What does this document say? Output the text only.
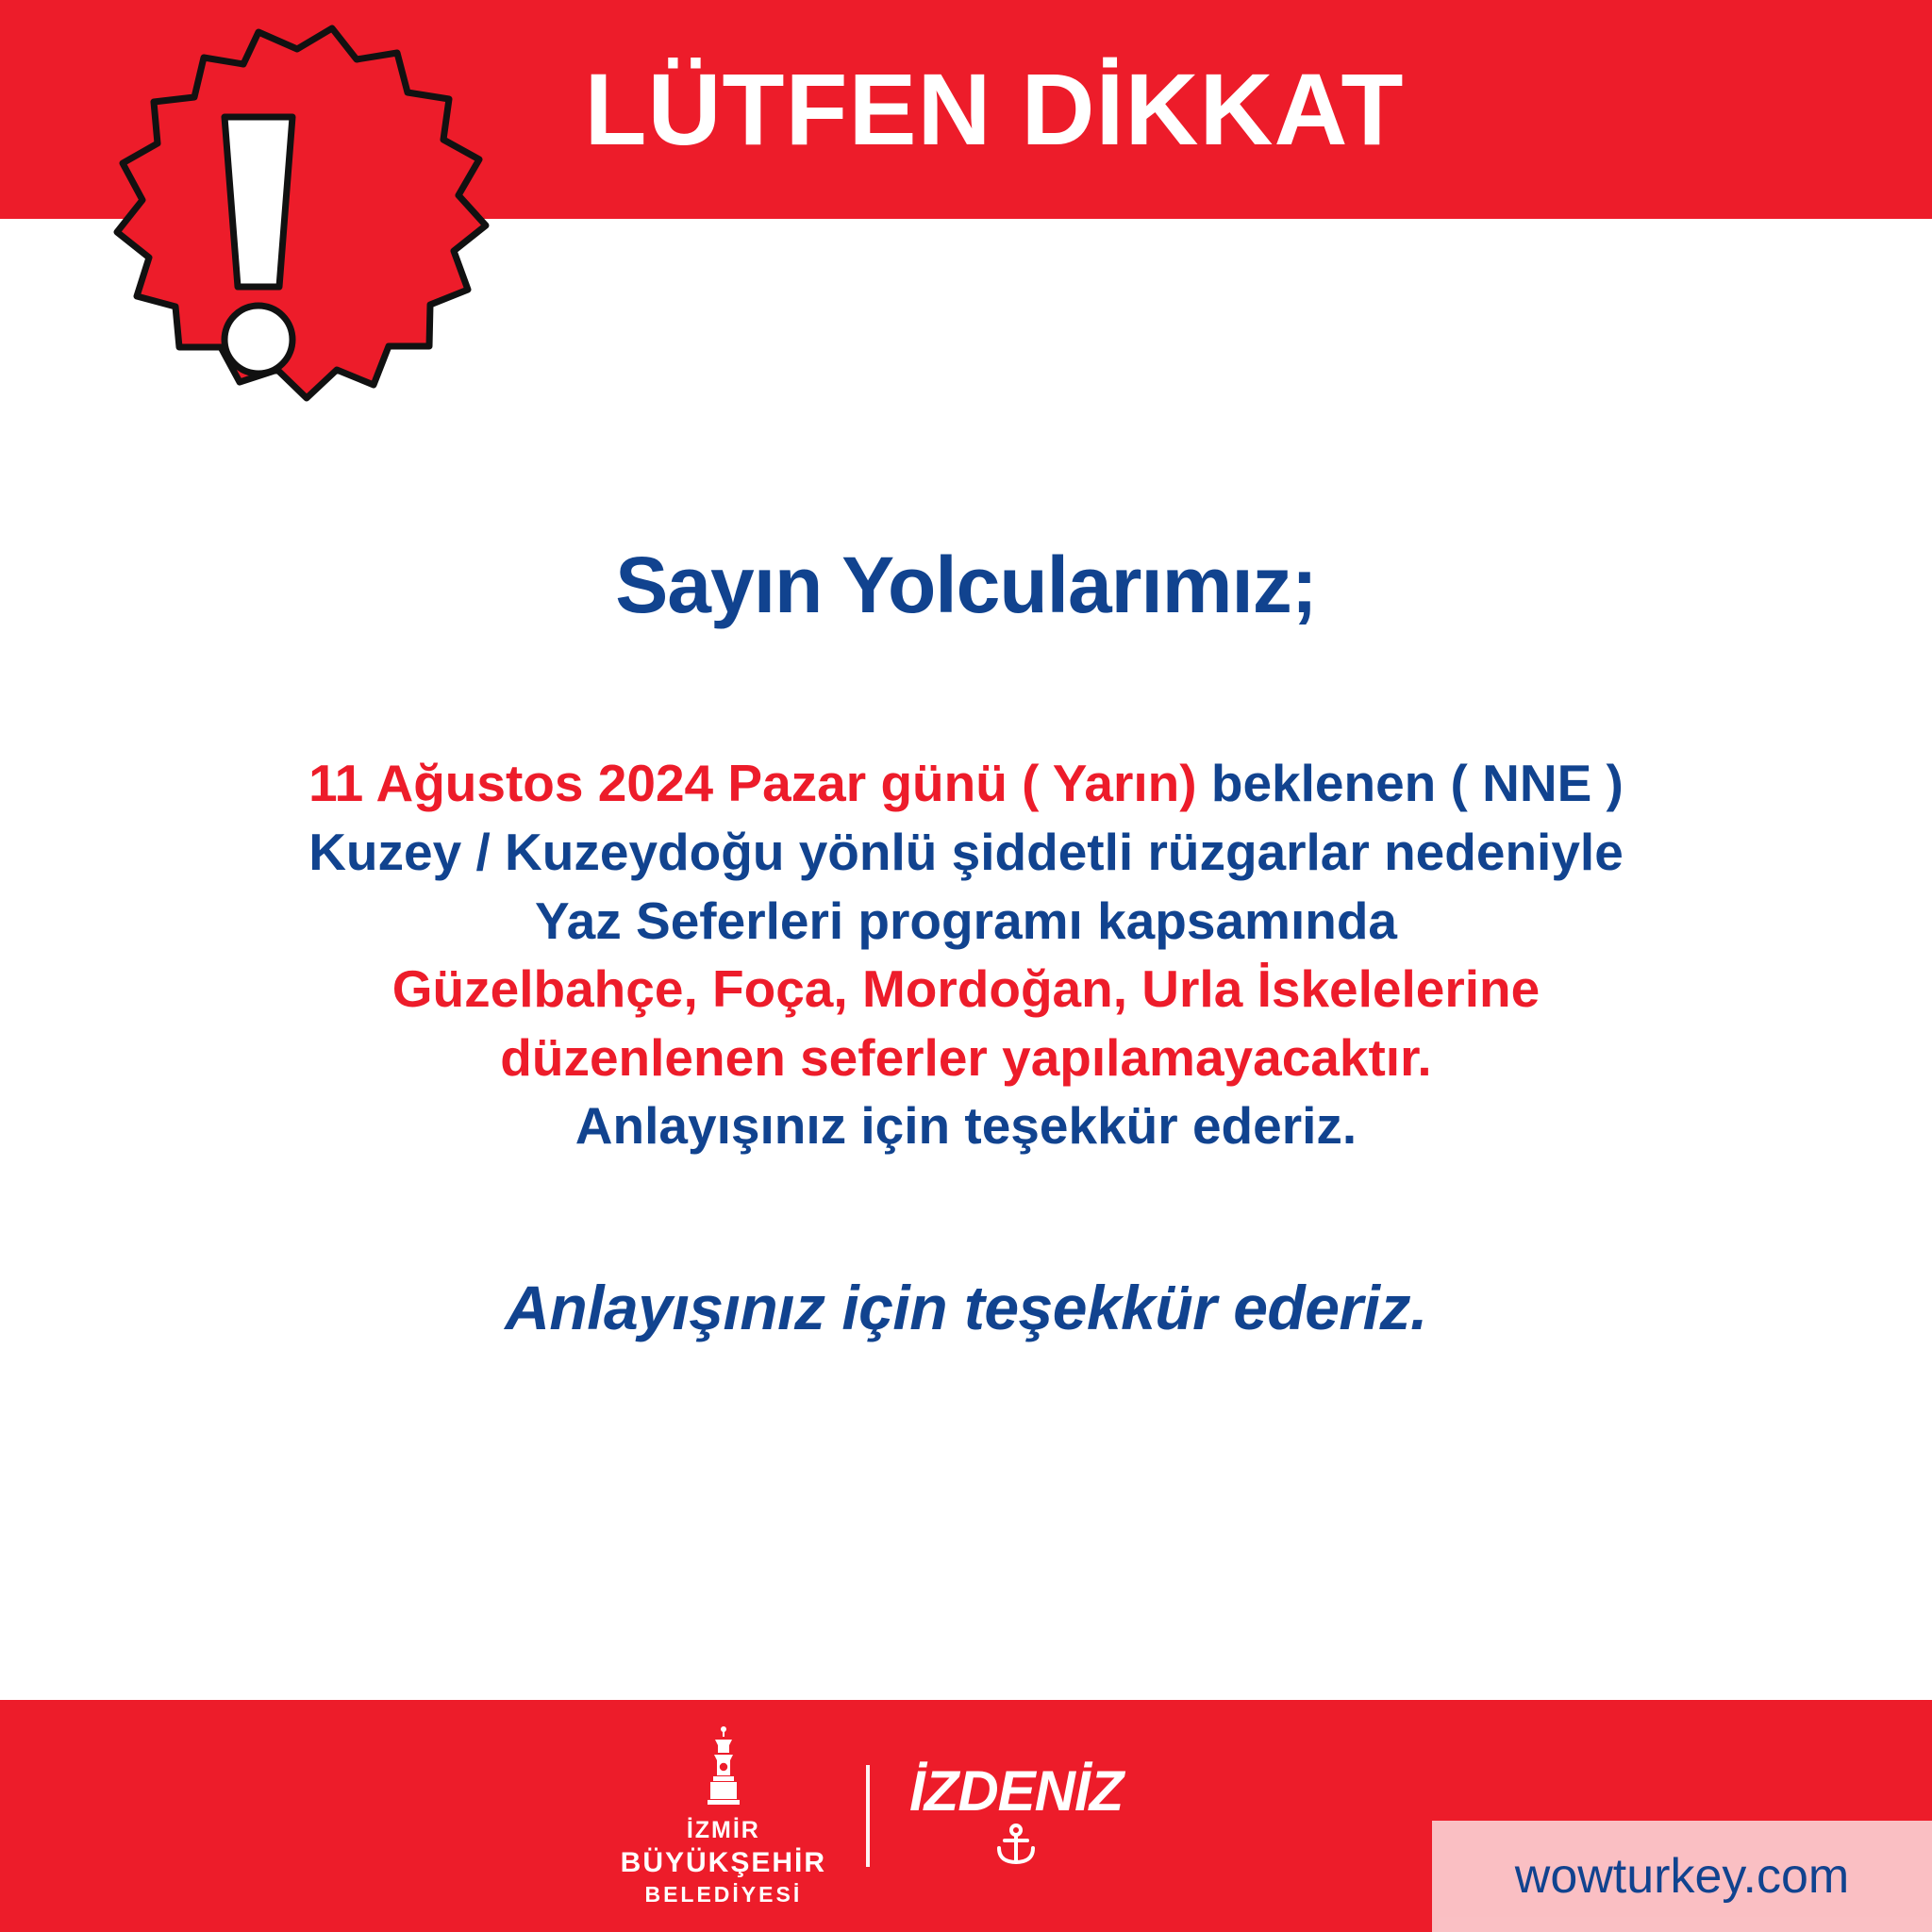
LÜTFEN DİKKAT
Sayın Yolcularımız;
11 Ağustos 2024 Pazar günü ( Yarın) beklenen ( NNE )
Kuzey / Kuzeydoğu yönlü şiddetli rüzgarlar nedeniyle
Yaz Seferleri programı kapsamında
Güzelbahçe, Foça, Mordoğan, Urla İskelelerine
düzenlenen seferler yapılamayacaktır.
Anlayışınız için teşekkür ederiz.
Anlayışınız için teşekkür ederiz.
İZMİR
BÜYÜKŞEHİR
BELEDİYESİ
İZDENİZ
wowturkey.com
